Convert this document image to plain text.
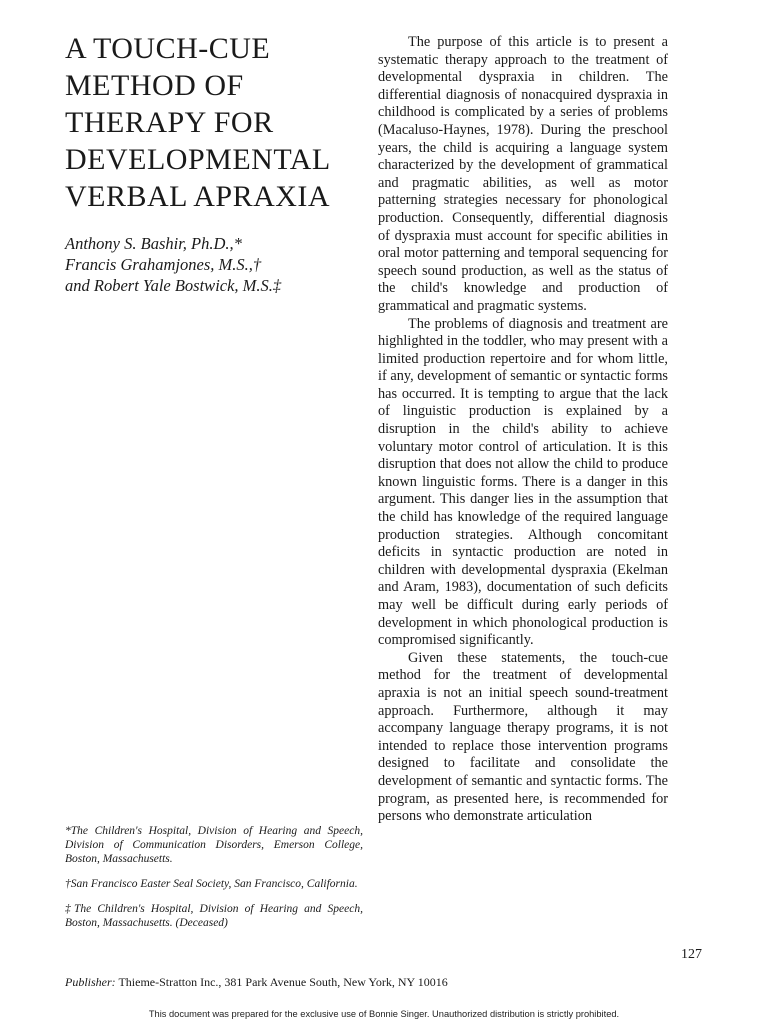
A TOUCH-CUE
METHOD OF
THERAPY FOR
DEVELOPMENTAL
VERBAL APRAXIA
Anthony S. Bashir, Ph.D.,*
Francis Grahamjones, M.S.,†
and Robert Yale Bostwick, M.S.‡

*The Children's Hospital, Division of Hearing and Speech, Division of Communication Disorders, Emerson College, Boston, Massachusetts.

†San Francisco Easter Seal Society, San Francisco, California.

‡The Children's Hospital, Division of Hearing and Speech, Boston, Massachusetts. (Deceased)

The purpose of this article is to present a systematic therapy approach to the treatment of developmental dyspraxia in children. The differential diagnosis of nonacquired dyspraxia in childhood is complicated by a series of problems (Macaluso-Haynes, 1978). During the preschool years, the child is acquiring a language system characterized by the development of grammatical and pragmatic abilities, as well as motor patterning strategies necessary for phonological production. Consequently, differential diagnosis of dyspraxia must account for specific abilities in oral motor patterning and temporal sequencing for speech sound production, as well as the status of the child's knowledge and production of grammatical and pragmatic systems.

The problems of diagnosis and treatment are highlighted in the toddler, who may present with a limited production repertoire and for whom little, if any, development of semantic or syntactic forms has occurred. It is tempting to argue that the lack of linguistic production is explained by a disruption in the child's ability to achieve voluntary motor control of articulation. It is this disruption that does not allow the child to produce known linguistic forms. There is a danger in this argument. This danger lies in the assumption that the child has knowledge of the required language production strategies. Although concomitant deficits in syntactic production are noted in children with developmental dyspraxia (Ekelman and Aram, 1983), documentation of such deficits may well be difficult during early periods of development in which phonological production is compromised significantly.

Given these statements, the touch-cue method for the treatment of developmental apraxia is not an initial speech sound-treatment approach. Furthermore, although it may accompany language therapy programs, it is not intended to replace those intervention programs designed to facilitate and consolidate the development of semantic and syntactic forms. The program, as presented here, is recommended for persons who demonstrate articulation

127
Publisher: Thieme-Stratton Inc., 381 Park Avenue South, New York, NY 10016
This document was prepared for the exclusive use of Bonnie Singer. Unauthorized distribution is strictly prohibited.
